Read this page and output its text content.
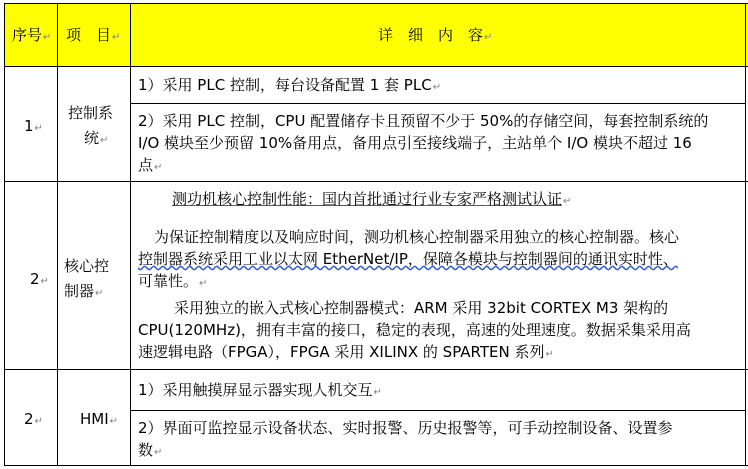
序号↵ 项　目↵	详　细　内　容↵
1↵
控制系
统↵
1）采用 PLC 控制，每台设备配置 1 套 PLC↵
2）采用 PLC 控制，CPU 配置储存卡且预留不少于 50%的存储空间，每套控制系统的
I/O 模块至少预留 10%备用点，备用点引至接线端子，主站单个 I/O 模块不超过 16
点↵
2↵
核心控
制器↵
测功机核心控制性能：国内首批通过行业专家严格测试认证↵
为保证控制精度以及响应时间，测功机核心控制器采用独立的核心控制器。核心
控制器系统采用工业以太网 EtherNet/IP，保障各模块与控制器间的通讯实时性、
可靠性。↵
采用独立的嵌入式核心控制器模式：ARM 采用 32bit CORTEX M3 架构的
CPU(120MHz)，拥有丰富的接口，稳定的表现，高速的处理速度。数据采集采用高
速逻辑电路（FPGA），FPGA 采用 XILINX 的 SPARTEN 系列↵
2↵ HMI↵
1）采用触摸屏显示器实现人机交互↵
2）界面可监控显示设备状态、实时报警、历史报警等，可手动控制设备、设置参
数↵
